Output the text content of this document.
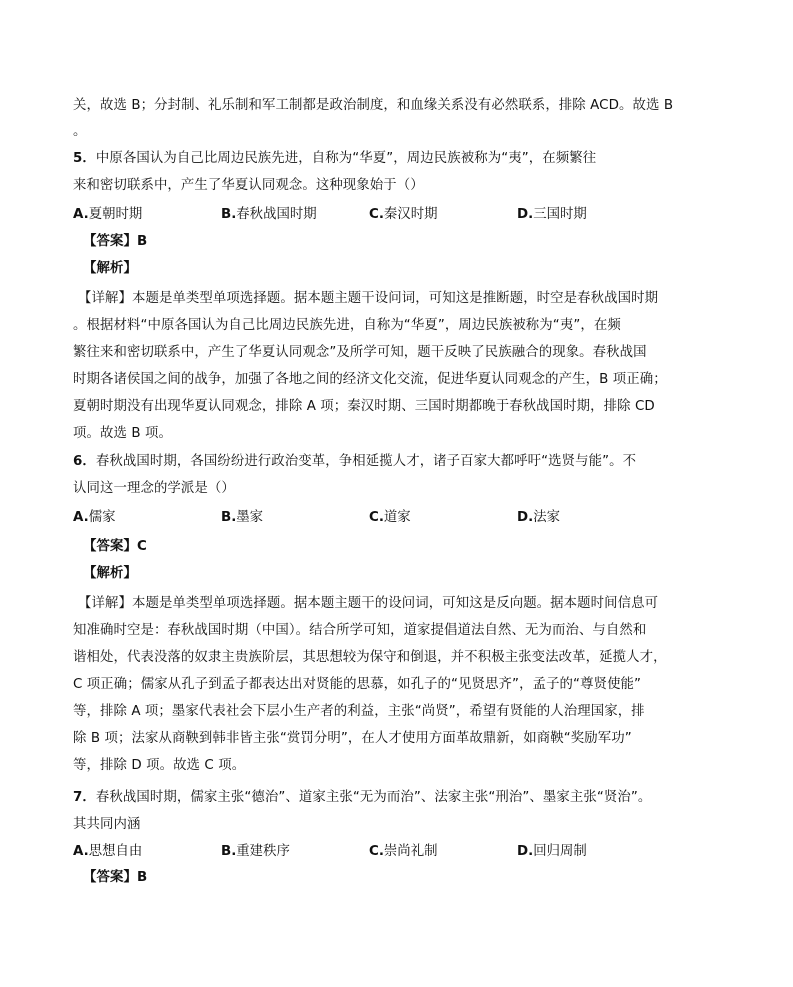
关，故选 B；分封制、礼乐制和军工制都是政治制度，和血缘关系没有必然联系，排除 ACD。故选 B
。
5．中原各国认为自己比周边民族先进，自称为“华夏”，周边民族被称为“夷”，在频繁往
来和密切联系中，产生了华夏认同观念。这种现象始于（）
A.夏朝时期	B.春秋战国时期	C.秦汉时期	D.三国时期
【答案】B
【解析】
【详解】本题是单类型单项选择题。据本题主题干设问词，可知这是推断题，时空是春秋战国时期
。根据材料“中原各国认为自己比周边民族先进，自称为“华夏”，周边民族被称为“夷”，在频
繁往来和密切联系中，产生了华夏认同观念”及所学可知，题干反映了民族融合的现象。春秋战国
时期各诸侯国之间的战争，加强了各地之间的经济文化交流，促进华夏认同观念的产生，B 项正确；
夏朝时期没有出现华夏认同观念，排除 A 项；秦汉时期、三国时期都晚于春秋战国时期，排除 CD
项。故选 B 项。
6．春秋战国时期，各国纷纷进行政治变革，争相延揽人才，诸子百家大都呼吁“选贤与能”。不
认同这一理念的学派是（）
A.儒家	B.墨家	C.道家	D.法家
【答案】C
【解析】
【详解】本题是单类型单项选择题。据本题主题干的设问词，可知这是反向题。据本题时间信息可
知准确时空是：春秋战国时期（中国）。结合所学可知，道家提倡道法自然、无为而治、与自然和
谐相处，代表没落的奴隶主贵族阶层，其思想较为保守和倒退，并不积极主张变法改革，延揽人才，
C 项正确；儒家从孔子到孟子都表达出对贤能的思慕，如孔子的“见贤思齐”，孟子的“尊贤使能”
等，排除 A 项；墨家代表社会下层小生产者的利益，主张“尚贤”，希望有贤能的人治理国家，排
除 B 项；法家从商鞅到韩非皆主张“赏罚分明”，在人才使用方面革故鼎新，如商鞅“奖励军功”
等，排除 D 项。故选 C 项。
7．春秋战国时期，儒家主张“德治”、道家主张“无为而治”、法家主张“刑治”、墨家主张“贤治”。
其共同内涵
A.思想自由	B.重建秩序	C.崇尚礼制	D.回归周制
【答案】B
